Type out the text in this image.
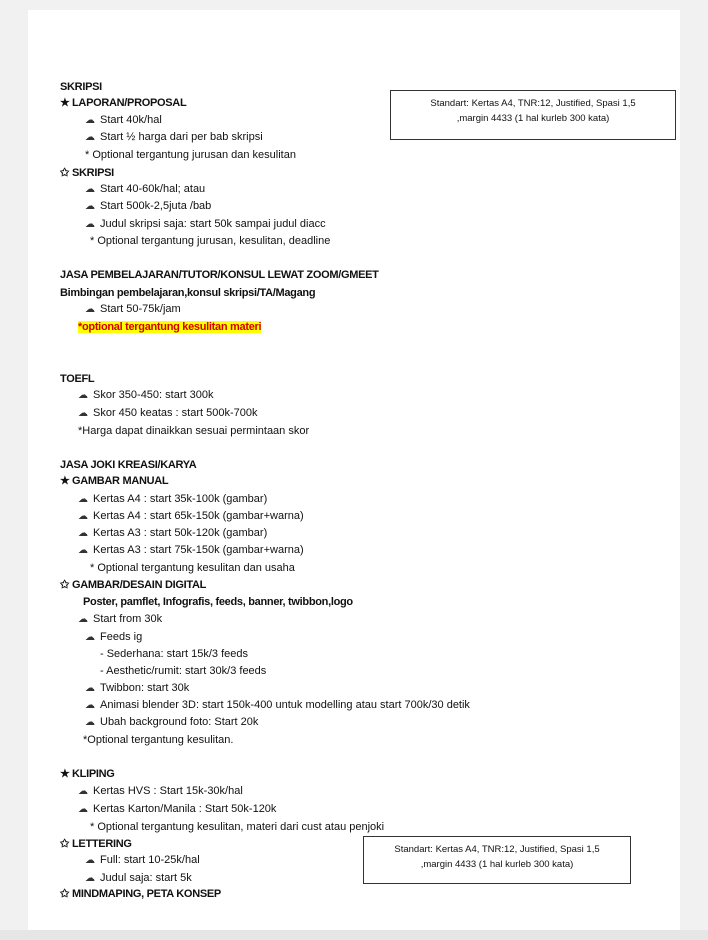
SKRIPSI
★ LAPORAN/PROPOSAL
☁ Start 40k/hal
☁ Start ½ harga dari per bab skripsi
* Optional tergantung jurusan dan kesulitan
✩ SKRIPSI
☁ Start 40-60k/hal; atau
☁ Start 500k-2,5juta /bab
☁ Judul skripsi saja: start 50k sampai judul diacc
* Optional tergantung jurusan, kesulitan, deadline
Standart: Kertas A4, TNR:12, Justified, Spasi 1,5
,margin 4433 (1 hal kurleb 300 kata)
JASA PEMBELAJARAN/TUTOR/KONSUL LEWAT ZOOM/GMEET
Bimbingan pembelajaran,konsul skripsi/TA/Magang
☁ Start 50-75k/jam
*optional tergantung kesulitan materi
TOEFL
☁ Skor 350-450: start 300k
☁ Skor 450 keatas : start 500k-700k
*Harga dapat dinaikkan sesuai permintaan skor
JASA JOKI KREASI/KARYA
★ GAMBAR MANUAL
☁ Kertas A4 : start 35k-100k (gambar)
☁ Kertas A4 : start 65k-150k (gambar+warna)
☁ Kertas A3 : start 50k-120k (gambar)
☁ Kertas A3 : start 75k-150k (gambar+warna)
* Optional tergantung kesulitan dan usaha
✩ GAMBAR/DESAIN DIGITAL
Poster, pamflet, Infografis, feeds, banner, twibbon,logo
☁ Start from 30k
☁ Feeds ig
- Sederhana: start 15k/3 feeds
- Aesthetic/rumit: start 30k/3 feeds
☁ Twibbon: start 30k
☁ Animasi blender 3D: start 150k-400 untuk modelling atau start 700k/30 detik
☁ Ubah background foto: Start 20k
*Optional tergantung kesulitan.
★ KLIPING
☁ Kertas HVS : Start 15k-30k/hal
☁ Kertas Karton/Manila : Start 50k-120k
* Optional tergantung kesulitan, materi dari cust atau penjoki
✩ LETTERING
☁ Full: start 10-25k/hal
☁ Judul saja: start 5k
✩ MINDMAPING, PETA KONSEP
Standart: Kertas A4, TNR:12, Justified, Spasi 1,5
,margin 4433 (1 hal kurleb 300 kata)
